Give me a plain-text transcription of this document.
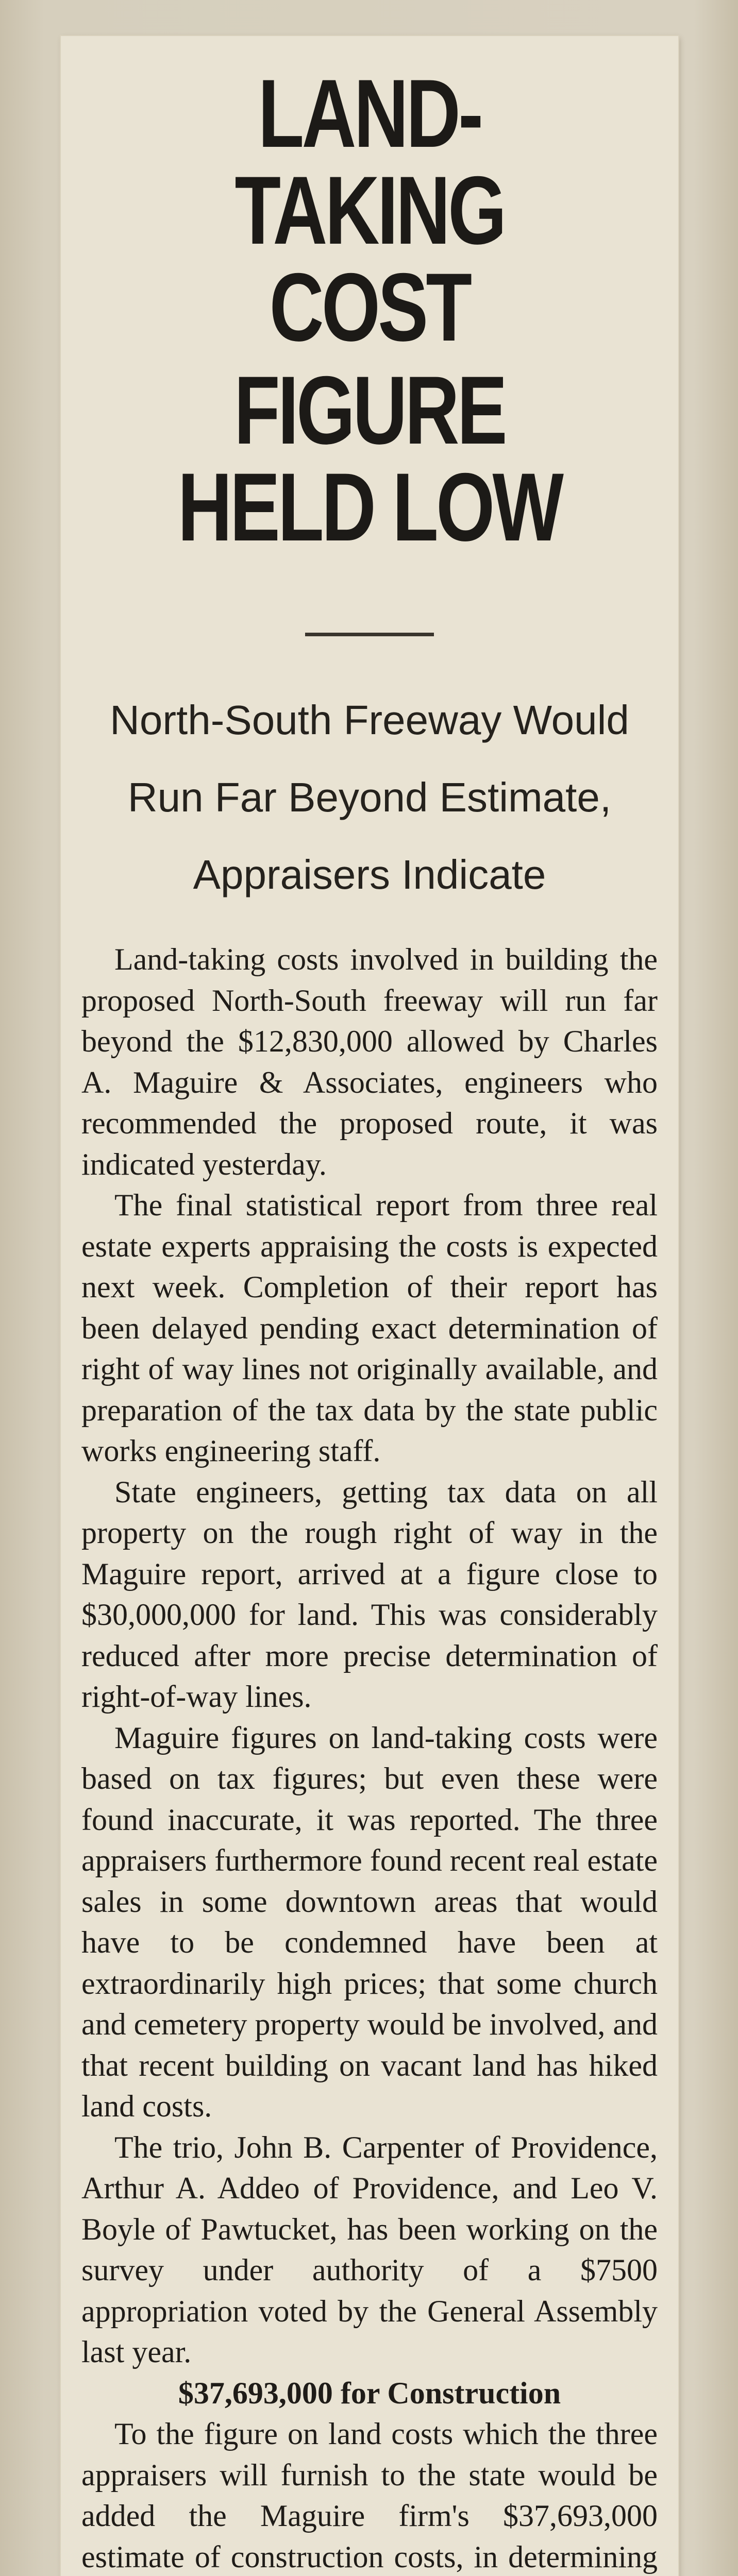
LAND-TAKING COST
FIGURE HELD LOW
North-South Freeway Would
Run Far Beyond Estimate,
Appraisers Indicate

Land-taking costs involved in building the proposed North-South freeway will run far beyond the $12,830,000 allowed by Charles A. Maguire & Associates, engineers who recommended the proposed route, it was indicated yesterday.

The final statistical report from three real estate experts appraising the costs is expected next week. Completion of their report has been delayed pending exact determination of right of way lines not originally available, and preparation of the tax data by the state public works engineering staff.

State engineers, getting tax data on all property on the rough right of way in the Maguire report, arrived at a figure close to $30,000,000 for land. This was considerably reduced after more precise determination of right-of-way lines.

Maguire figures on land-taking costs were based on tax figures; but even these were found inaccurate, it was reported. The three appraisers furthermore found recent real estate sales in some downtown areas that would have to be condemned have been at extraordinarily high prices; that some church and cemetery property would be involved, and that recent building on vacant land has hiked land costs.

The trio, John B. Carpenter of Providence, Arthur A. Addeo of Providence, and Leo V. Boyle of Pawtucket, has been working on the survey under authority of a $7500 appropriation voted by the General Assembly last year.

$37,693,000 for Construction

To the figure on land costs which the three appraisers will furnish to the state would be added the Maguire firm's $37,693,000 estimate of construction costs, in determining
